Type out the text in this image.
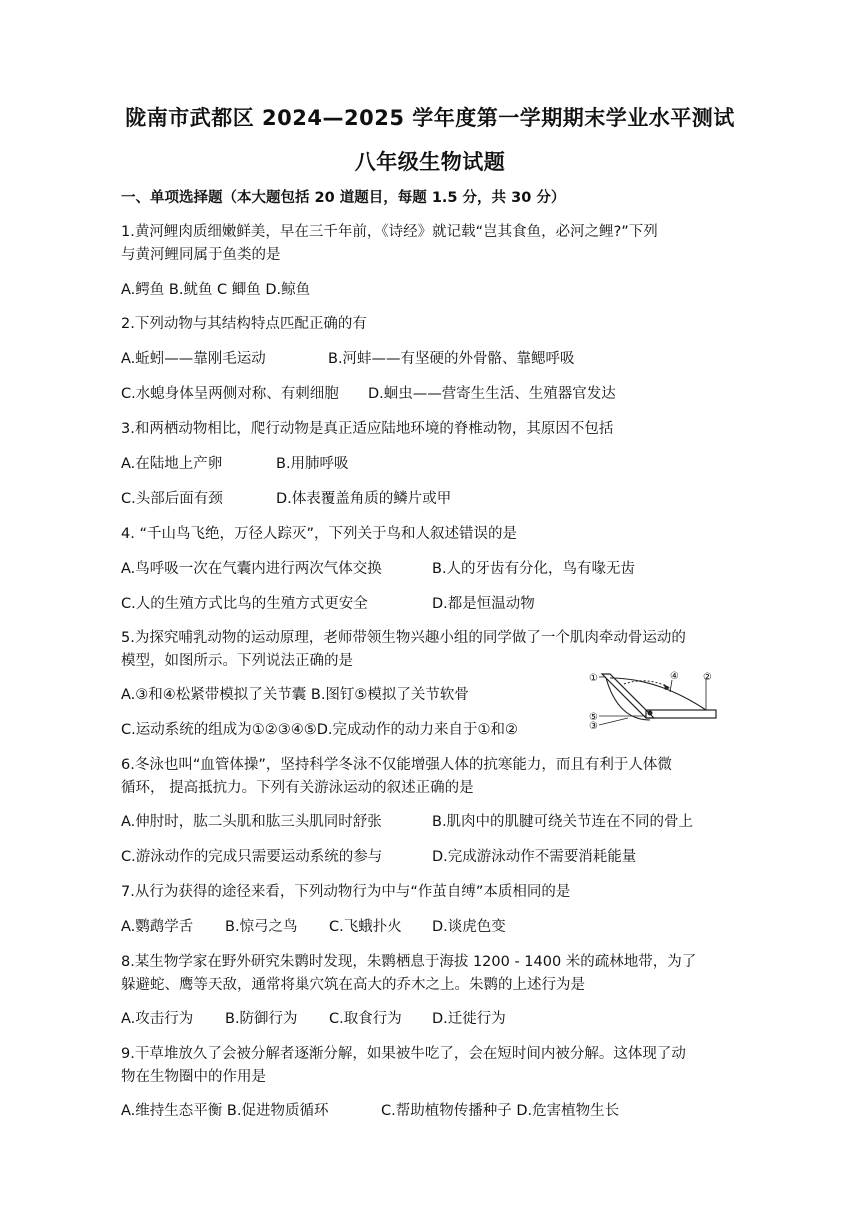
陇南市武都区 2024—2025 学年度第一学期期末学业水平测试
八年级生物试题
一、单项选择题（本大题包括 20 道题目，每题 1.5 分，共 30 分）
1.黄河鲤肉质细嫩鲜美，早在三千年前，《诗经》就记载“岂其食鱼，必河之鲤?”下列
与黄河鲤同属于鱼类的是
A.鳄鱼 B.鱿鱼 C 鲫鱼 D.鲸鱼
2.下列动物与其结构特点匹配正确的有
A.蚯蚓——靠刚毛运动	B.河蚌——有坚硬的外骨骼、靠鳃呼吸
C.水螅身体呈两侧对称、有刺细胞 D.蛔虫——营寄生生活、生殖器官发达
3.和两栖动物相比，爬行动物是真正适应陆地环境的脊椎动物，其原因不包括
A.在陆地上产卵	B.用肺呼吸
C.头部后面有颈	D.体表覆盖角质的鳞片或甲
4. “千山鸟飞绝，万径人踪灭”，下列关于鸟和人叙述错误的是
A.鸟呼吸一次在气囊内进行两次气体交换	B.人的牙齿有分化，鸟有喙无齿
C.人的生殖方式比鸟的生殖方式更安全	D.都是恒温动物
5.为探究哺乳动物的运动原理，老师带领生物兴趣小组的同学做了一个肌肉牵动骨运动的
模型，如图所示。下列说法正确的是
A.③和④松紧带模拟了关节囊 B.图钉⑤模拟了关节软骨
C.运动系统的组成为①②③④⑤D.完成动作的动力来自于①和②
①	②
③
④
⑤
6.冬泳也叫“血管体操”，坚持科学冬泳不仅能增强人体的抗寒能力，而且有利于人体微
循环， 提高抵抗力。下列有关游泳运动的叙述正确的是
A.伸肘时，肱二头肌和肱三头肌同时舒张	B.肌肉中的肌腱可绕关节连在不同的骨上
C.游泳动作的完成只需要运动系统的参与	D.完成游泳动作不需要消耗能量
7.从行为获得的途径来看，下列动物行为中与“作茧自缚”本质相同的是
A.鹦鹉学舌 B.惊弓之鸟 C.飞蛾扑火 D.谈虎色变
8.某生物学家在野外研究朱鹮时发现，朱鹮栖息于海拔 1200 - 1400 米的疏林地带，为了
躲避蛇、鹰等天敌，通常将巢穴筑在高大的乔木之上。朱鹮的上述行为是
A.攻击行为 B.防御行为 C.取食行为 D.迁徙行为
9.干草堆放久了会被分解者逐渐分解，如果被牛吃了，会在短时间内被分解。这体现了动
物在生物圈中的作用是
A.维持生态平衡 B.促进物质循环	C.帮助植物传播种子 D.危害植物生长
